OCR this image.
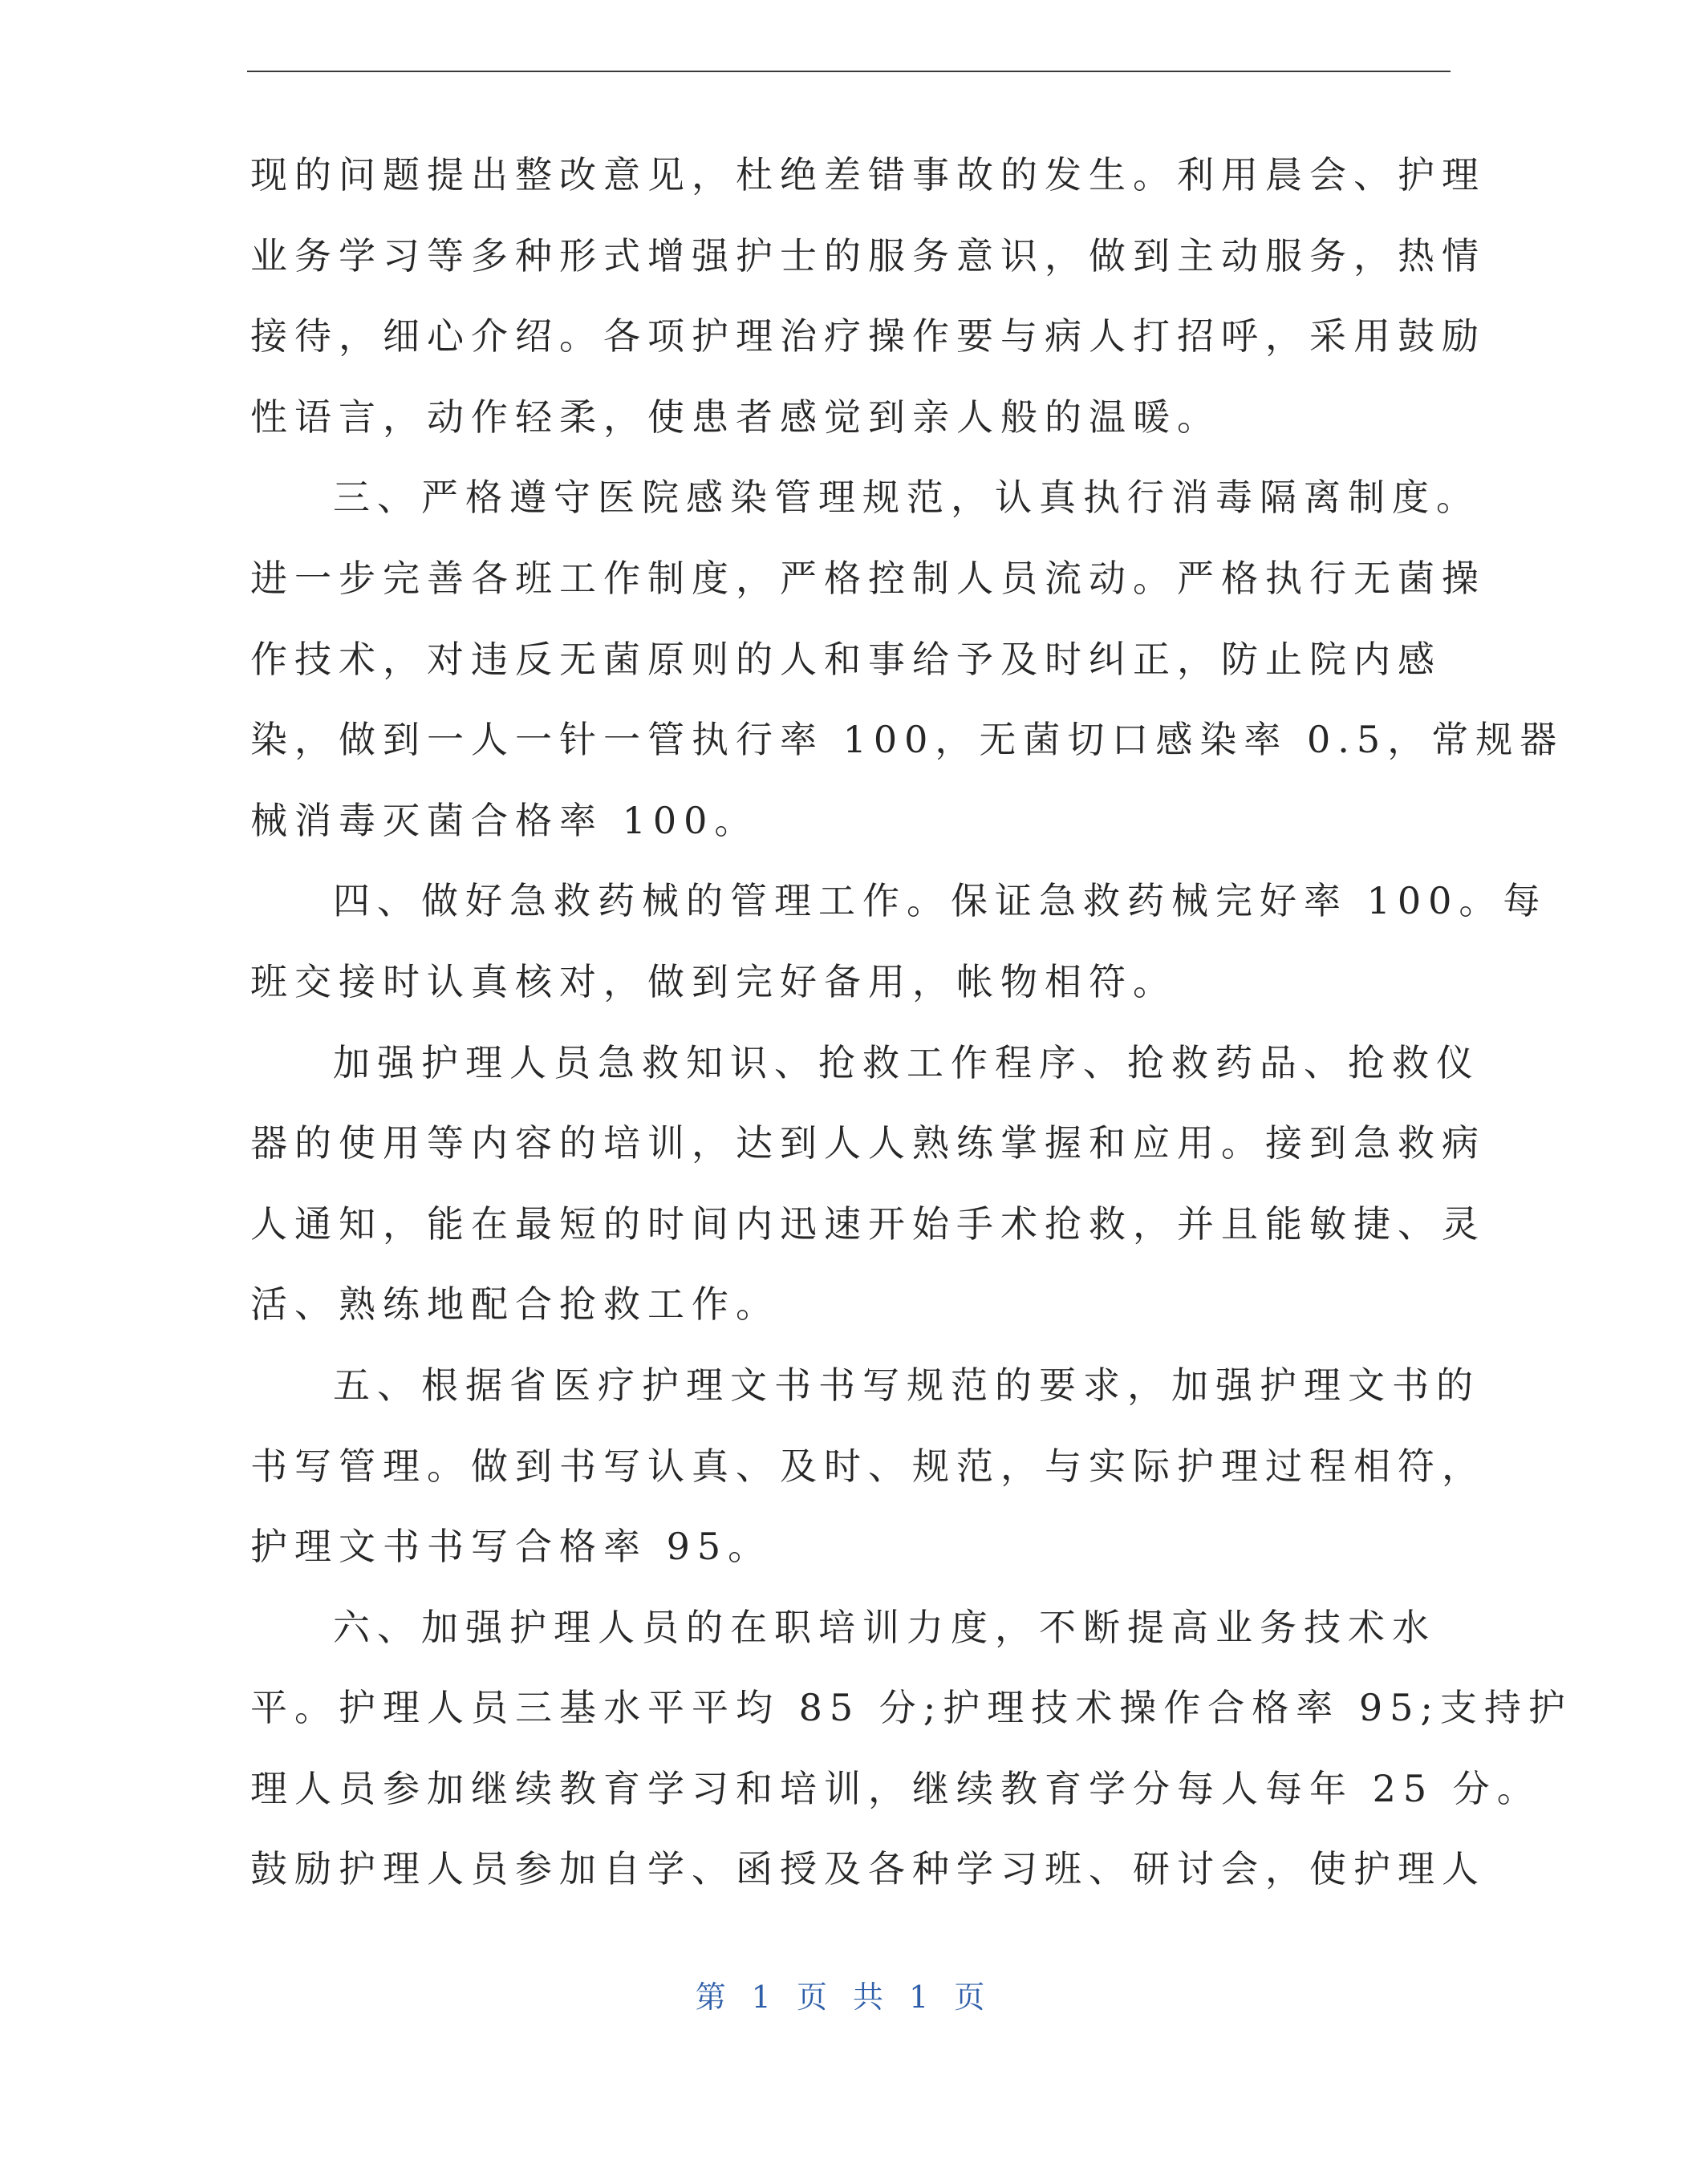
现的问题提出整改意见，杜绝差错事故的发生。利用晨会、护理
业务学习等多种形式增强护士的服务意识，做到主动服务，热情
接待，细心介绍。各项护理治疗操作要与病人打招呼，采用鼓励
性语言，动作轻柔，使患者感觉到亲人般的温暖。
三、严格遵守医院感染管理规范，认真执行消毒隔离制度。
进一步完善各班工作制度，严格控制人员流动。严格执行无菌操
作技术，对违反无菌原则的人和事给予及时纠正，防止院内感
染，做到一人一针一管执行率 100，无菌切口感染率 0.5，常规器
械消毒灭菌合格率 100。
四、做好急救药械的管理工作。保证急救药械完好率 100。每
班交接时认真核对，做到完好备用，帐物相符。
加强护理人员急救知识、抢救工作程序、抢救药品、抢救仪
器的使用等内容的培训，达到人人熟练掌握和应用。接到急救病
人通知，能在最短的时间内迅速开始手术抢救，并且能敏捷、灵
活、熟练地配合抢救工作。
五、根据省医疗护理文书书写规范的要求，加强护理文书的
书写管理。做到书写认真、及时、规范，与实际护理过程相符，
护理文书书写合格率 95。
六、加强护理人员的在职培训力度，不断提高业务技术水
平。护理人员三基水平平均 85 分;护理技术操作合格率 95;支持护
理人员参加继续教育学习和培训，继续教育学分每人每年 25 分。
鼓励护理人员参加自学、函授及各种学习班、研讨会，使护理人
第 1 页 共 1 页
